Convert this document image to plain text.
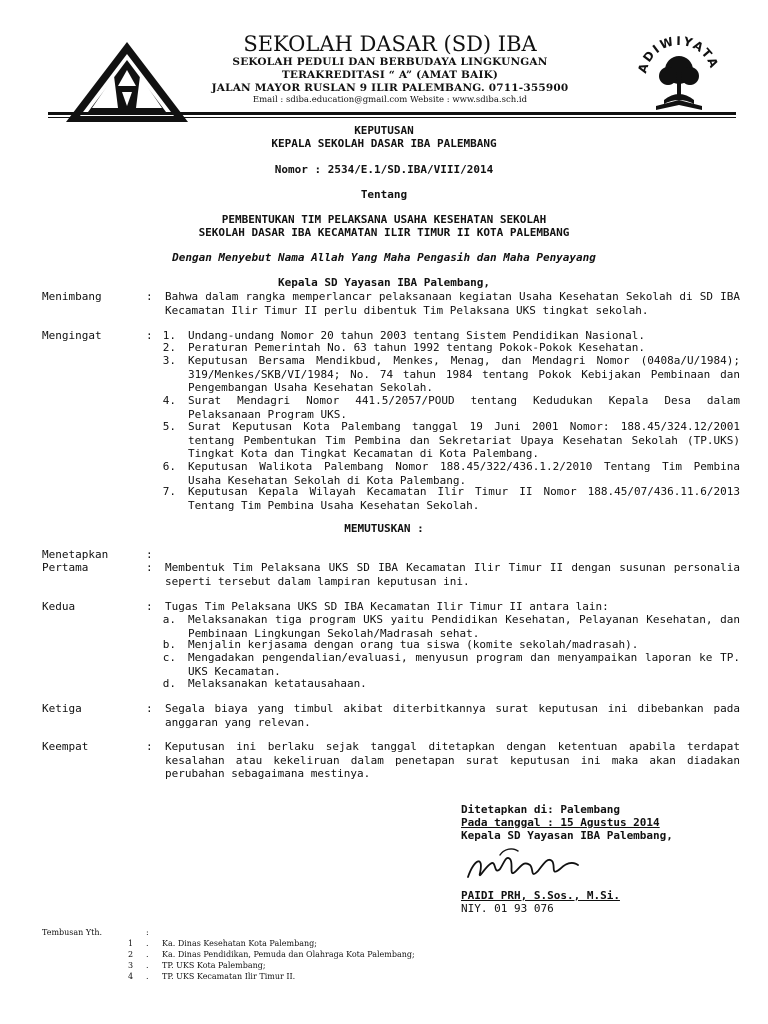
SEKOLAH DASAR (SD) IBA
SEKOLAH PEDULI DAN BERBUDAYA LINGKUNGAN
TERAKREDITASI “ A” (AMAT BAIK)
JALAN MAYOR RUSLAN 9 ILIR PALEMBANG. 0711-355900
Email : sdiba.education@gmail.com Website : www.sdiba.sch.id
ADIWIYATA
KEPUTUSAN
KEPALA SEKOLAH DASAR IBA PALEMBANG
Nomor : 2534/E.1/SD.IBA/VIII/2014
Tentang
PEMBENTUKAN TIM PELAKSANA USAHA KESEHATAN SEKOLAH
SEKOLAH DASAR IBA KECAMATAN ILIR TIMUR II KOTA PALEMBANG
Dengan Menyebut Nama Allah Yang Maha Pengasih dan Maha Penyayang
Kepala SD Yayasan IBA Palembang,
Menimbang	: Bahwa dalam rangka memperlancar pelaksanaan kegiatan Usaha Kesehatan Sekolah di SD IBA Kecamatan Ilir Timur II perlu dibentuk Tim Pelaksana UKS tingkat sekolah.
Mengingat	: 1. Undang-undang Nomor 20 tahun 2003 tentang Sistem Pendidikan Nasional.
2. Peraturan Pemerintah No. 63 tahun 1992 tentang Pokok-Pokok Kesehatan.
3. Keputusan Bersama Mendikbud, Menkes, Menag, dan Mendagri Nomor (0408a/U/1984); 319/Menkes/SKB/VI/1984; No. 74 tahun 1984 tentang Pokok Kebijakan Pembinaan dan Pengembangan Usaha Kesehatan Sekolah.
4. Surat Mendagri Nomor 441.5/2057/POUD tentang Kedudukan Kepala Desa dalam Pelaksanaan Program UKS.
5. Surat Keputusan Kota Palembang tanggal 19 Juni 2001 Nomor: 188.45/324.12/2001 tentang Pembentukan Tim Pembina dan Sekretariat Upaya Kesehatan Sekolah (TP.UKS) Tingkat Kota dan Tingkat Kecamatan di Kota Palembang.
6. Keputusan Walikota Palembang Nomor 188.45/322/436.1.2/2010 Tentang Tim Pembina Usaha Kesehatan Sekolah di Kota Palembang.
7. Keputusan Kepala Wilayah Kecamatan Ilir Timur II Nomor 188.45/07/436.11.6/2013 Tentang Tim Pembina Usaha Kesehatan Sekolah.
MEMUTUSKAN :
Menetapkan	:
Pertama	: Membentuk Tim Pelaksana UKS SD IBA Kecamatan Ilir Timur II dengan susunan personalia seperti tersebut dalam lampiran keputusan ini.
Kedua	: Tugas Tim Pelaksana UKS SD IBA Kecamatan Ilir Timur II antara lain:
a. Melaksanakan tiga program UKS yaitu Pendidikan Kesehatan, Pelayanan Kesehatan, dan Pembinaan Lingkungan Sekolah/Madrasah sehat.
b. Menjalin kerjasama dengan orang tua siswa (komite sekolah/madrasah).
c. Mengadakan pengendalian/evaluasi, menyusun program dan menyampaikan laporan ke TP. UKS Kecamatan.
d. Melaksanakan ketatausahaan.
Ketiga	: Segala biaya yang timbul akibat diterbitkannya surat keputusan ini dibebankan pada anggaran yang relevan.
Keempat	: Keputusan ini berlaku sejak tanggal ditetapkan dengan ketentuan apabila terdapat kesalahan atau kekeliruan dalam penetapan surat keputusan ini maka akan diadakan perubahan sebagaimana mestinya.
Ditetapkan di: Palembang
Pada tanggal : 15 Agustus 2014
Kepala SD Yayasan IBA Palembang,
PAIDI PRH, S.Sos., M.Si.
NIY. 01 93 076
Tembusan Yth.	:
1 . Ka. Dinas Kesehatan Kota Palembang;
2 . Ka. Dinas Pendidikan, Pemuda dan Olahraga Kota Palembang;
3 . TP. UKS Kota Palembang;
4 . TP. UKS Kecamatan Ilir Timur II.
